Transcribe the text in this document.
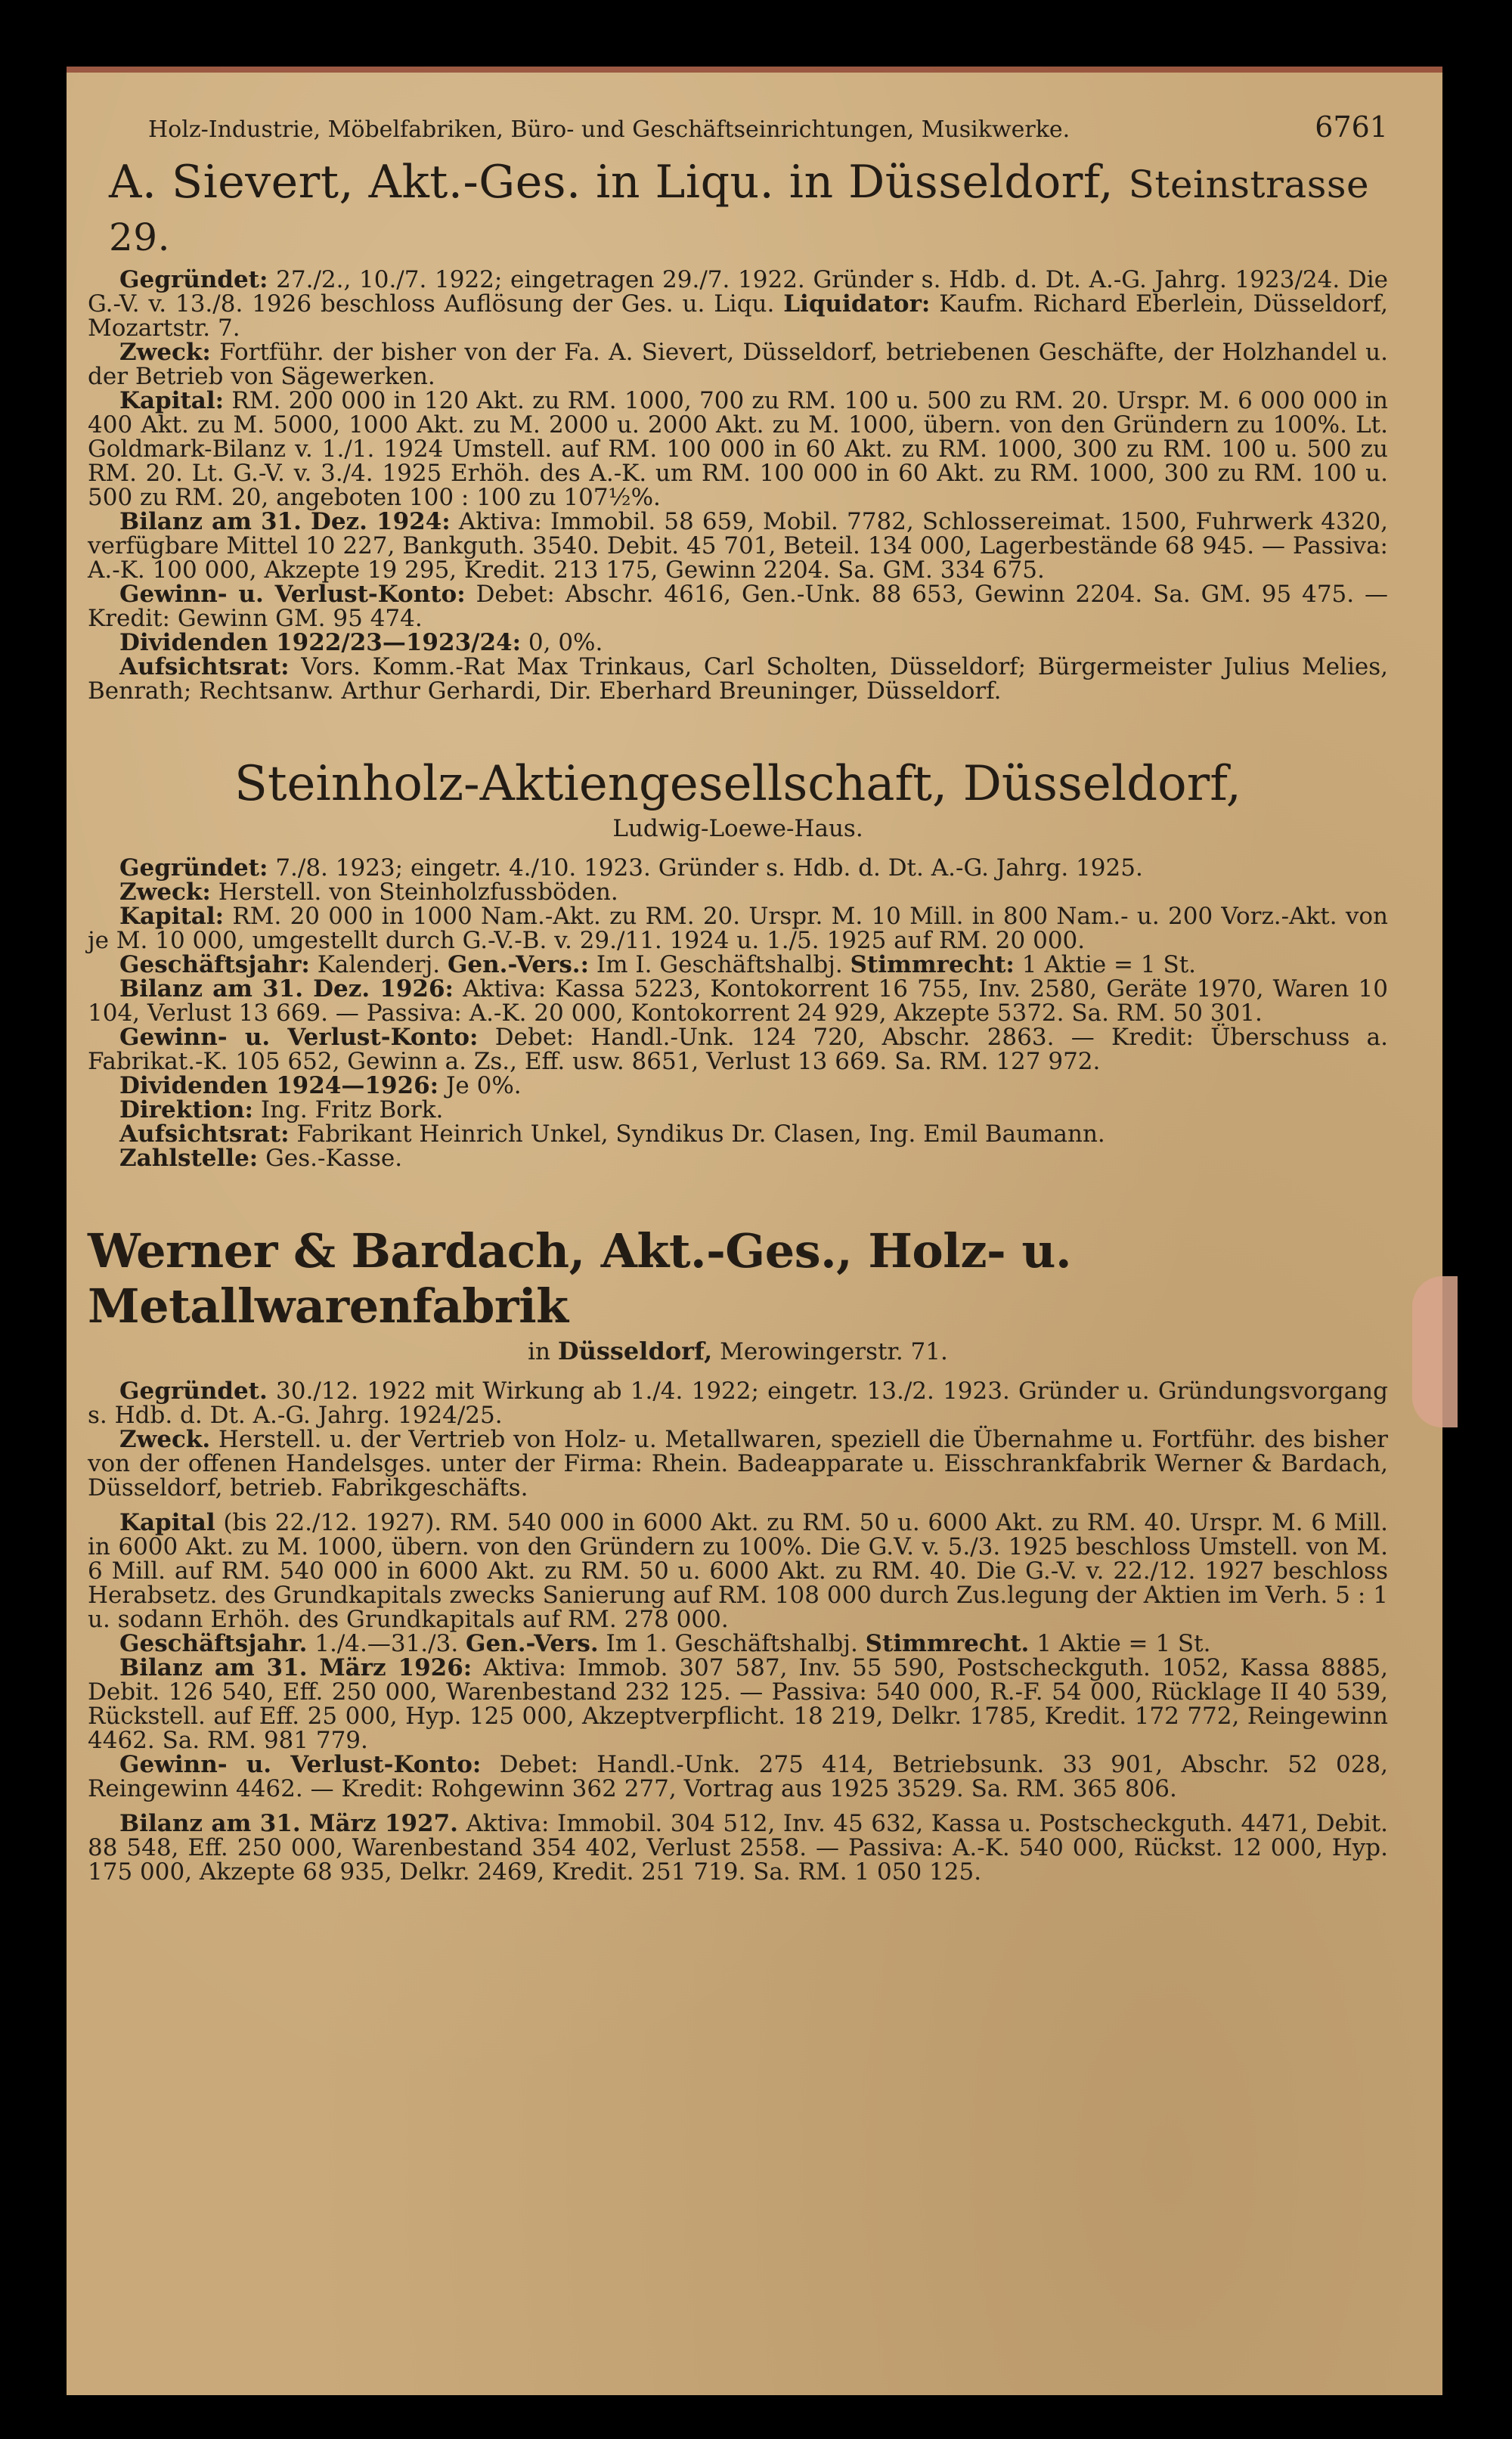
Holz-Industrie, Möbelfabriken, Büro- und Geschäftseinrichtungen, Musikwerke.	6761
A. Sievert, Akt.-Ges. in Liqu. in Düsseldorf, Steinstrasse 29.

Gegründet: 27./2., 10./7. 1922; eingetragen 29./7. 1922. Gründer s. Hdb. d. Dt. A.-G. Jahrg. 1923/24. Die G.-V. v. 13./8. 1926 beschloss Auflösung der Ges. u. Liqu. Liquidator: Kaufm. Richard Eberlein, Düsseldorf, Mozartstr. 7.

Zweck: Fortführ. der bisher von der Fa. A. Sievert, Düsseldorf, betriebenen Geschäfte, der Holzhandel u. der Betrieb von Sägewerken.

Kapital: RM. 200 000 in 120 Akt. zu RM. 1000, 700 zu RM. 100 u. 500 zu RM. 20. Urspr. M. 6 000 000 in 400 Akt. zu M. 5000, 1000 Akt. zu M. 2000 u. 2000 Akt. zu M. 1000, übern. von den Gründern zu 100%. Lt. Goldmark-Bilanz v. 1./1. 1924 Umstell. auf RM. 100 000 in 60 Akt. zu RM. 1000, 300 zu RM. 100 u. 500 zu RM. 20. Lt. G.-V. v. 3./4. 1925 Erhöh. des A.-K. um RM. 100 000 in 60 Akt. zu RM. 1000, 300 zu RM. 100 u. 500 zu RM. 20, angeboten 100 : 100 zu 107½%.

Bilanz am 31. Dez. 1924: Aktiva: Immobil. 58 659, Mobil. 7782, Schlossereimat. 1500, Fuhrwerk 4320, verfügbare Mittel 10 227, Bankguth. 3540. Debit. 45 701, Beteil. 134 000, Lagerbestände 68 945. — Passiva: A.-K. 100 000, Akzepte 19 295, Kredit. 213 175, Gewinn 2204. Sa. GM. 334 675.

Gewinn- u. Verlust-Konto: Debet: Abschr. 4616, Gen.-Unk. 88 653, Gewinn 2204. Sa. GM. 95 475. — Kredit: Gewinn GM. 95 474.

Dividenden 1922/23—1923/24: 0, 0%.

Aufsichtsrat: Vors. Komm.-Rat Max Trinkaus, Carl Scholten, Düsseldorf; Bürgermeister Julius Melies, Benrath; Rechtsanw. Arthur Gerhardi, Dir. Eberhard Breuninger, Düsseldorf.

Steinholz-Aktiengesellschaft, Düsseldorf,
Ludwig-Loewe-Haus.

Gegründet: 7./8. 1923; eingetr. 4./10. 1923. Gründer s. Hdb. d. Dt. A.-G. Jahrg. 1925.

Zweck: Herstell. von Steinholzfussböden.

Kapital: RM. 20 000 in 1000 Nam.-Akt. zu RM. 20. Urspr. M. 10 Mill. in 800 Nam.- u. 200 Vorz.-Akt. von je M. 10 000, umgestellt durch G.-V.-B. v. 29./11. 1924 u. 1./5. 1925 auf RM. 20 000.

Geschäftsjahr: Kalenderj. Gen.-Vers.: Im I. Geschäftshalbj. Stimmrecht: 1 Aktie = 1 St.

Bilanz am 31. Dez. 1926: Aktiva: Kassa 5223, Kontokorrent 16 755, Inv. 2580, Geräte 1970, Waren 10 104, Verlust 13 669. — Passiva: A.-K. 20 000, Kontokorrent 24 929, Akzepte 5372. Sa. RM. 50 301.

Gewinn- u. Verlust-Konto: Debet: Handl.-Unk. 124 720, Abschr. 2863. — Kredit: Überschuss a. Fabrikat.-K. 105 652, Gewinn a. Zs., Eff. usw. 8651, Verlust 13 669. Sa. RM. 127 972.

Dividenden 1924—1926: Je 0%.

Direktion: Ing. Fritz Bork.

Aufsichtsrat: Fabrikant Heinrich Unkel, Syndikus Dr. Clasen, Ing. Emil Baumann.

Zahlstelle: Ges.-Kasse.

Werner & Bardach, Akt.-Ges., Holz- u. Metallwarenfabrik
in Düsseldorf, Merowingerstr. 71.

Gegründet. 30./12. 1922 mit Wirkung ab 1./4. 1922; eingetr. 13./2. 1923. Gründer u. Gründungsvorgang s. Hdb. d. Dt. A.-G. Jahrg. 1924/25.

Zweck. Herstell. u. der Vertrieb von Holz- u. Metallwaren, speziell die Übernahme u. Fortführ. des bisher von der offenen Handelsges. unter der Firma: Rhein. Badeapparate u. Eisschrankfabrik Werner & Bardach, Düsseldorf, betrieb. Fabrikgeschäfts.

Kapital (bis 22./12. 1927). RM. 540 000 in 6000 Akt. zu RM. 50 u. 6000 Akt. zu RM. 40. Urspr. M. 6 Mill. in 6000 Akt. zu M. 1000, übern. von den Gründern zu 100%. Die G.V. v. 5./3. 1925 beschloss Umstell. von M. 6 Mill. auf RM. 540 000 in 6000 Akt. zu RM. 50 u. 6000 Akt. zu RM. 40. Die G.-V. v. 22./12. 1927 beschloss Herabsetz. des Grundkapitals zwecks Sanierung auf RM. 108 000 durch Zus.legung der Aktien im Verh. 5 : 1 u. sodann Erhöh. des Grundkapitals auf RM. 278 000.

Geschäftsjahr. 1./4.—31./3. Gen.-Vers. Im 1. Geschäftshalbj. Stimmrecht. 1 Aktie = 1 St.

Bilanz am 31. März 1926: Aktiva: Immob. 307 587, Inv. 55 590, Postscheckguth. 1052, Kassa 8885, Debit. 126 540, Eff. 250 000, Warenbestand 232 125. — Passiva: 540 000, R.-F. 54 000, Rücklage II 40 539, Rückstell. auf Eff. 25 000, Hyp. 125 000, Akzeptverpflicht. 18 219, Delkr. 1785, Kredit. 172 772, Reingewinn 4462. Sa. RM. 981 779.

Gewinn- u. Verlust-Konto: Debet: Handl.-Unk. 275 414, Betriebsunk. 33 901, Abschr. 52 028, Reingewinn 4462. — Kredit: Rohgewinn 362 277, Vortrag aus 1925 3529. Sa. RM. 365 806.

Bilanz am 31. März 1927. Aktiva: Immobil. 304 512, Inv. 45 632, Kassa u. Postscheckguth. 4471, Debit. 88 548, Eff. 250 000, Warenbestand 354 402, Verlust 2558. — Passiva: A.-K. 540 000, Rückst. 12 000, Hyp. 175 000, Akzepte 68 935, Delkr. 2469, Kredit. 251 719. Sa. RM. 1 050 125.
